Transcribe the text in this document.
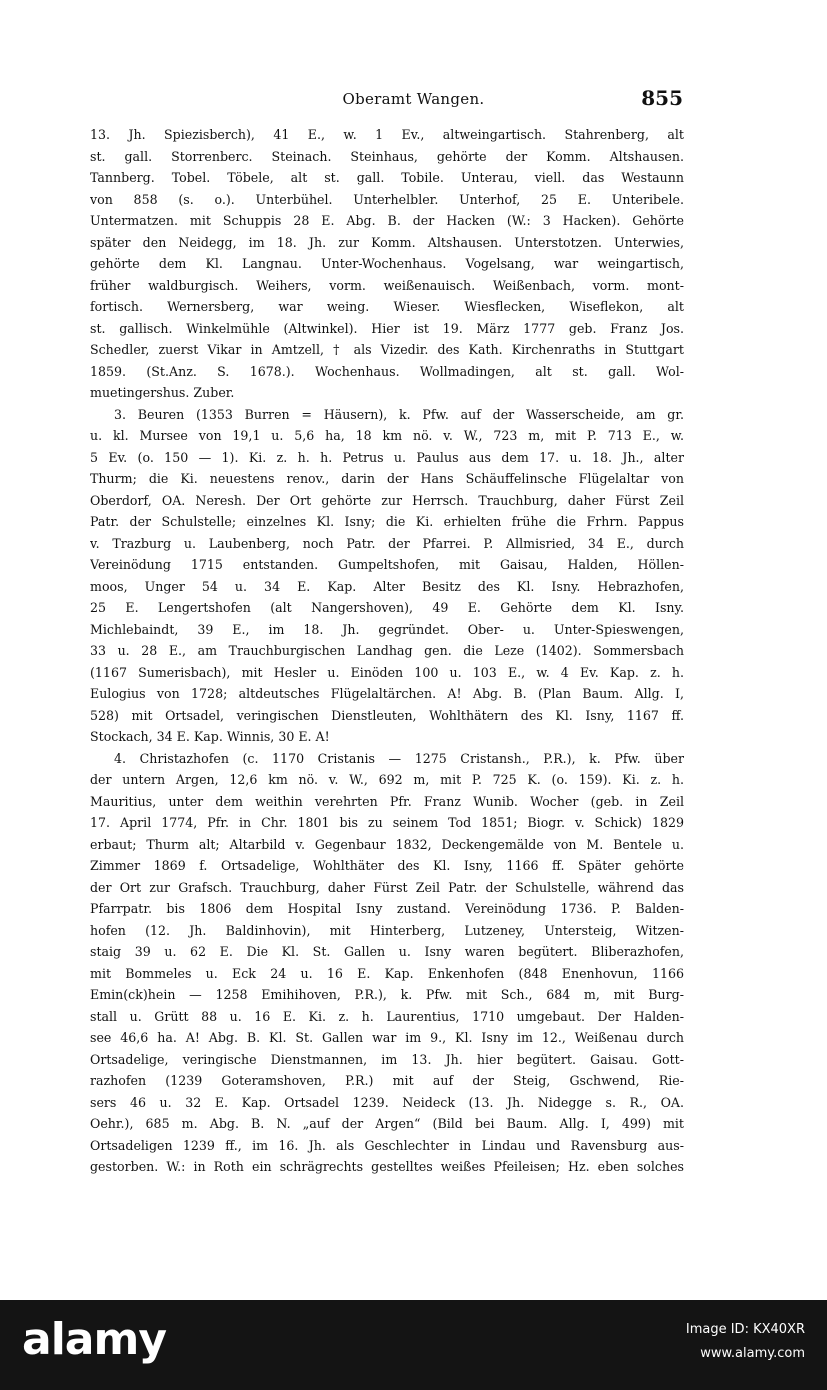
Oberamt Wangen.	855
13. Jh. Spiezisberch), 41 E., w. 1 Ev., altweingartisch. Stahrenberg, alt
st. gall. Storrenberc. Steinach. Steinhaus, gehörte der Komm. Altshausen.
Tannberg. Tobel. Töbele, alt st. gall. Tobile. Unterau, viell. das Westaunn
von 858 (s. o.). Unterbühel. Unterhelbler. Unterhof, 25 E. Unteribele.
Untermatzen. mit Schuppis 28 E. Abg. B. der Hacken (W.: 3 Hacken). Gehörte
später den Neidegg, im 18. Jh. zur Komm. Altshausen. Unterstotzen. Unterwies,
gehörte dem Kl. Langnau. Unter-Wochenhaus. Vogelsang, war weingartisch,
früher waldburgisch. Weihers, vorm. weißenauisch. Weißenbach, vorm. mont-
fortisch. Wernersberg, war weing. Wieser. Wiesflecken, Wiseflekon, alt
st. gallisch. Winkelmühle (Altwinkel). Hier ist 19. März 1777 geb. Franz Jos.
Schedler, zuerst Vikar in Amtzell, † als Vizedir. des Kath. Kirchenraths in Stuttgart
1859. (St.Anz. S. 1678.). Wochenhaus. Wollmadingen, alt st. gall. Wol-
muetingershus. Zuber.
3. Beuren (1353 Burren = Häusern), k. Pfw. auf der Wasserscheide, am gr.
u. kl. Mursee von 19,1 u. 5,6 ha, 18 km nö. v. W., 723 m, mit P. 713 E., w.
5 Ev. (o. 150 — 1). Ki. z. h. h. Petrus u. Paulus aus dem 17. u. 18. Jh., alter
Thurm; die Ki. neuestens renov., darin der Hans Schäuffelinsche Flügelaltar von
Oberdorf, OA. Neresh. Der Ort gehörte zur Herrsch. Trauchburg, daher Fürst Zeil
Patr. der Schulstelle; einzelnes Kl. Isny; die Ki. erhielten frühe die Frhrn. Pappus
v. Trazburg u. Laubenberg, noch Patr. der Pfarrei. P. Allmisried, 34 E., durch
Vereinödung 1715 entstanden. Gumpeltshofen, mit Gaisau, Halden, Höllen-
moos, Unger 54 u. 34 E. Kap. Alter Besitz des Kl. Isny. Hebrazhofen,
25 E. Lengertshofen (alt Nangershoven), 49 E. Gehörte dem Kl. Isny.
Michlebaindt, 39 E., im 18. Jh. gegründet. Ober- u. Unter-Spieswengen,
33 u. 28 E., am Trauchburgischen Landhag gen. die Leze (1402). Sommersbach
(1167 Sumerisbach), mit Hesler u. Einöden 100 u. 103 E., w. 4 Ev. Kap. z. h.
Eulogius von 1728; altdeutsches Flügelaltärchen. A! Abg. B. (Plan Baum. Allg. I,
528) mit Ortsadel, veringischen Dienstleuten, Wohlthätern des Kl. Isny, 1167 ff.
Stockach, 34 E. Kap. Winnis, 30 E. A!
4. Christazhofen (c. 1170 Cristanis — 1275 Cristansh., P.R.), k. Pfw. über
der untern Argen, 12,6 km nö. v. W., 692 m, mit P. 725 K. (o. 159). Ki. z. h.
Mauritius, unter dem weithin verehrten Pfr. Franz Wunib. Wocher (geb. in Zeil
17. April 1774, Pfr. in Chr. 1801 bis zu seinem Tod 1851; Biogr. v. Schick) 1829
erbaut; Thurm alt; Altarbild v. Gegenbaur 1832, Deckengemälde von M. Bentele u.
Zimmer 1869 f. Ortsadelige, Wohlthäter des Kl. Isny, 1166 ff. Später gehörte
der Ort zur Grafsch. Trauchburg, daher Fürst Zeil Patr. der Schulstelle, während das
Pfarrpatr. bis 1806 dem Hospital Isny zustand. Vereinödung 1736. P. Balden-
hofen (12. Jh. Baldinhovin), mit Hinterberg, Lutzeney, Untersteig, Witzen-
staig 39 u. 62 E. Die Kl. St. Gallen u. Isny waren begütert. Bliberazhofen,
mit Bommeles u. Eck 24 u. 16 E. Kap. Enkenhofen (848 Enenhovun, 1166
Emin(ck)hein — 1258 Emihihoven, P.R.), k. Pfw. mit Sch., 684 m, mit Burg-
stall u. Grütt 88 u. 16 E. Ki. z. h. Laurentius, 1710 umgebaut. Der Halden-
see 46,6 ha. A! Abg. B. Kl. St. Gallen war im 9., Kl. Isny im 12., Weißenau durch
Ortsadelige, veringische Dienstmannen, im 13. Jh. hier begütert. Gaisau. Gott-
razhofen (1239 Goteramshoven, P.R.) mit auf der Steig, Gschwend, Rie-
sers 46 u. 32 E. Kap. Ortsadel 1239. Neideck (13. Jh. Nidegge s. R., OA.
Oehr.), 685 m. Abg. B. N. „auf der Argen“ (Bild bei Baum. Allg. I, 499) mit
Ortsadeligen 1239 ff., im 16. Jh. als Geschlechter in Lindau und Ravensburg aus-
gestorben. W.: in Roth ein schrägrechts gestelltes weißes Pfeileisen; Hz. eben solches
alamy	Image ID: KX40XR
www.alamy.com
